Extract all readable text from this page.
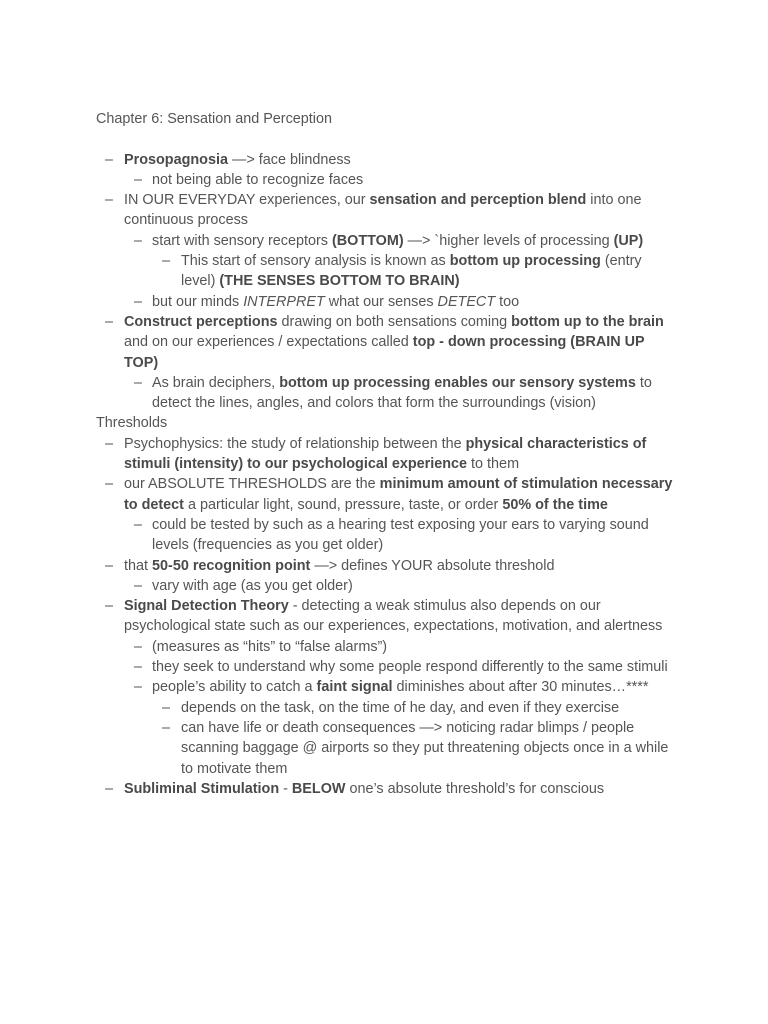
Chapter 6: Sensation and Perception
– Prosopagnosia —> face blindness
– not being able to recognize faces
– IN OUR EVERYDAY experiences, our sensation and perception blend into one continuous process
– start with sensory receptors (BOTTOM) —> `higher levels of processing (UP)
– This start of sensory analysis is known as bottom up processing (entry level) (THE SENSES BOTTOM TO BRAIN)
– but our minds INTERPRET what our senses DETECT too
– Construct perceptions drawing on both sensations coming bottom up to the brain and on our experiences / expectations called top - down processing (BRAIN UP TOP)
– As brain deciphers, bottom up processing enables our sensory systems to detect the lines, angles, and colors that form the surroundings (vision)
Thresholds
– Psychophysics: the study of relationship between the physical characteristics of stimuli (intensity) to our psychological experience to them
– our ABSOLUTE THRESHOLDS are the minimum amount of stimulation necessary to detect a particular light, sound, pressure, taste, or order 50% of the time
– could be tested by such as a hearing test exposing your ears to varying sound levels (frequencies as you get older)
– that 50-50 recognition point —> defines YOUR absolute threshold
– vary with age (as you get older)
– Signal Detection Theory - detecting a weak stimulus also depends on our psychological state such as our experiences, expectations, motivation, and alertness
– (measures as “hits” to “false alarms”)
– they seek to understand why some people respond differently to the same stimuli
– people’s ability to catch a faint signal diminishes about after 30 minutes…****
– depends on the task, on the time of he day, and even if they exercise
– can have life or death consequences —> noticing radar blimps / people scanning baggage @ airports so they put threatening objects once in a while to motivate them
– Subliminal Stimulation - BELOW one’s absolute threshold’s for conscious
